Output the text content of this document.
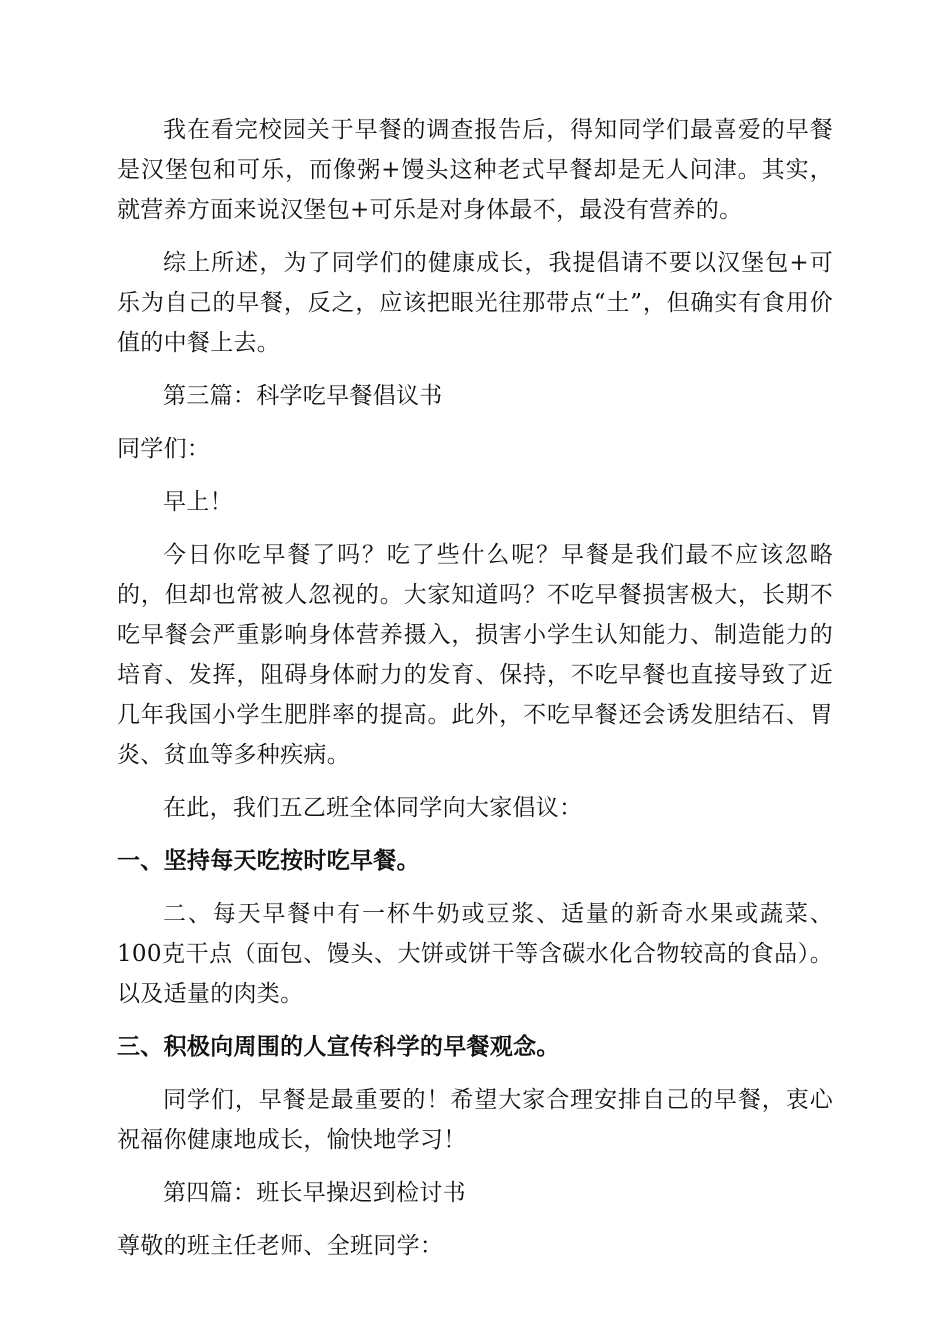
我在看完校园关于早餐的调查报告后，得知同学们最喜爱的早餐是汉堡包和可乐，而像粥+馒头这种老式早餐却是无人问津。其实，就营养方面来说汉堡包+可乐是对身体最不，最没有营养的。

综上所述，为了同学们的健康成长，我提倡请不要以汉堡包+可乐为自己的早餐，反之，应该把眼光往那带点“土”，但确实有食用价值的中餐上去。

第三篇：科学吃早餐倡议书

同学们：

早上！

今日你吃早餐了吗？吃了些什么呢？早餐是我们最不应该忽略的，但却也常被人忽视的。大家知道吗？不吃早餐损害极大，长期不吃早餐会严重影响身体营养摄入，损害小学生认知能力、制造能力的培育、发挥，阻碍身体耐力的发育、保持，不吃早餐也直接导致了近几年我国小学生肥胖率的提高。此外，不吃早餐还会诱发胆结石、胃炎、贫血等多种疾病。

在此，我们五乙班全体同学向大家倡议：

一、坚持每天吃按时吃早餐。

二、每天早餐中有一杯牛奶或豆浆、适量的新奇水果或蔬菜、100克干点（面包、馒头、大饼或饼干等含碳水化合物较高的食品）。以及适量的肉类。

三、积极向周围的人宣传科学的早餐观念。

同学们，早餐是最重要的！希望大家合理安排自己的早餐，衷心祝福你健康地成长，愉快地学习！

第四篇：班长早操迟到检讨书

尊敬的班主任老师、全班同学：
